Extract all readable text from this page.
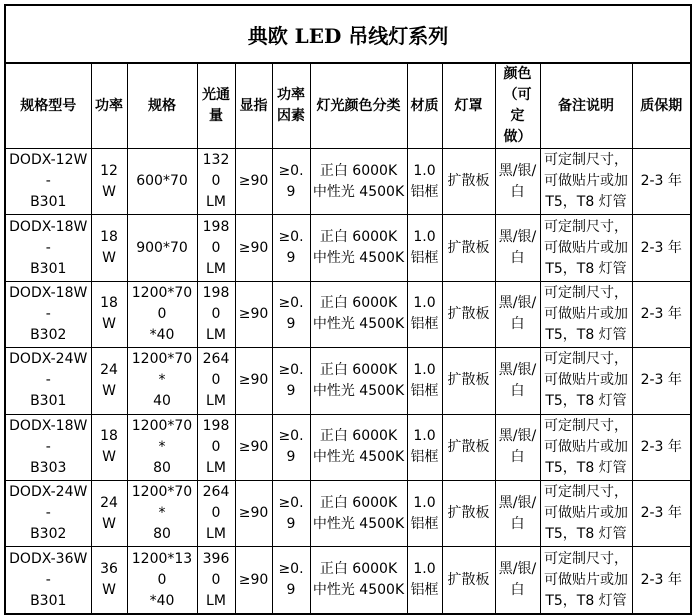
典欧 LED 吊线灯系列
规格型号	功率	规格	光通
量	显指	功率
因素	灯光颜色分类	材质	灯罩	颜色
（可定
做）	备注说明	质保期

DODX-12W-
B301	12W	600*70	1320
LM	≥90	≥0.9	正白 6000K
中性光 4500K	1.0
铝框	扩散板	黑/银/
白	可定制尺寸，
可做贴片或加
T5，T8 灯管	2-3 年

DODX-18W-
B301	18W	900*70	1980
LM	≥90	≥0.9	正白 6000K
中性光 4500K	1.0
铝框	扩散板	黑/银/
白	可定制尺寸，
可做贴片或加
T5，T8 灯管	2-3 年

DODX-18W-
B302	18W	1200*700
*40	1980
LM	≥90	≥0.9	正白 6000K
中性光 4500K	1.0
铝框	扩散板	黑/银/
白	可定制尺寸，
可做贴片或加
T5，T8 灯管	2-3 年

DODX-24W-
B301	24W	1200*70*
40	2640
LM	≥90	≥0.9	正白 6000K
中性光 4500K	1.0
铝框	扩散板	黑/银/
白	可定制尺寸，
可做贴片或加
T5，T8 灯管	2-3 年

DODX-18W-
B303	18W	1200*70*
80	1980
LM	≥90	≥0.9	正白 6000K
中性光 4500K	1.0
铝框	扩散板	黑/银/
白	可定制尺寸，
可做贴片或加
T5，T8 灯管	2-3 年

DODX-24W-
B302	24W	1200*70*
80	2640
LM	≥90	≥0.9	正白 6000K
中性光 4500K	1.0
铝框	扩散板	黑/银/
白	可定制尺寸，
可做贴片或加
T5，T8 灯管	2-3 年

DODX-36W-
B301	36W	1200*130
*40	3960
LM	≥90	≥0.9	正白 6000K
中性光 4500K	1.0
铝框	扩散板	黑/银/
白	可定制尺寸，
可做贴片或加
T5，T8 灯管	2-3 年
